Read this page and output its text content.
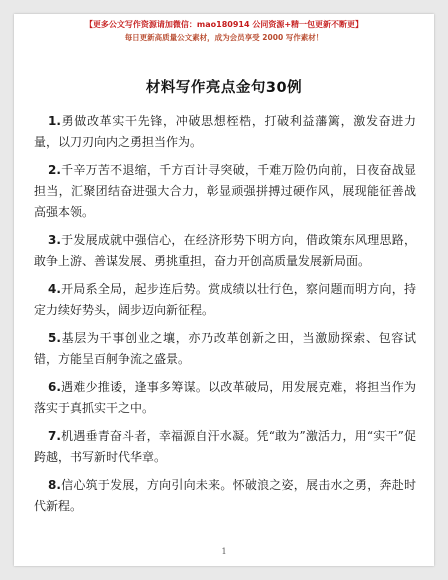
【更多公文写作资源请加微信：mao180914 公同资源+精一包更新不断更】
每日更新高质量公文素材，成为会员享受 2000 写作素材！
材料写作亮点金句30例

1.勇做改革实干先锋，冲破思想桎梏，打破利益藩篱，激发奋进力量，以刀刃向内之勇担当作为。

2.千辛万苦不退缩，千方百计寻突破，千难万险仍向前，日夜奋战显担当，汇聚团结奋进强大合力，彰显顽强拼搏过硬作风，展现能征善战高强本领。

3.于发展成就中强信心，在经济形势下明方向，借政策东风理思路，敢争上游、善谋发展、勇挑重担，奋力开创高质量发展新局面。

4.开局系全局，起步连后势。赏成绩以壮行色，察问题而明方向，持定力续好势头，阔步迈向新征程。

5.基层为干事创业之壤，亦乃改革创新之田，当激励探索、包容试错，方能呈百舸争流之盛景。

6.遇难少推诿，逢事多筹谋。以改革破局，用发展克难，将担当作为落实于真抓实干之中。

7.机遇垂青奋斗者，幸福源自汗水凝。凭“敢为”激活力，用“实干”促跨越，书写新时代华章。

8.信心筑于发展，方向引向未来。怀破浪之姿，展击水之勇，奔赴时代新程。

1
